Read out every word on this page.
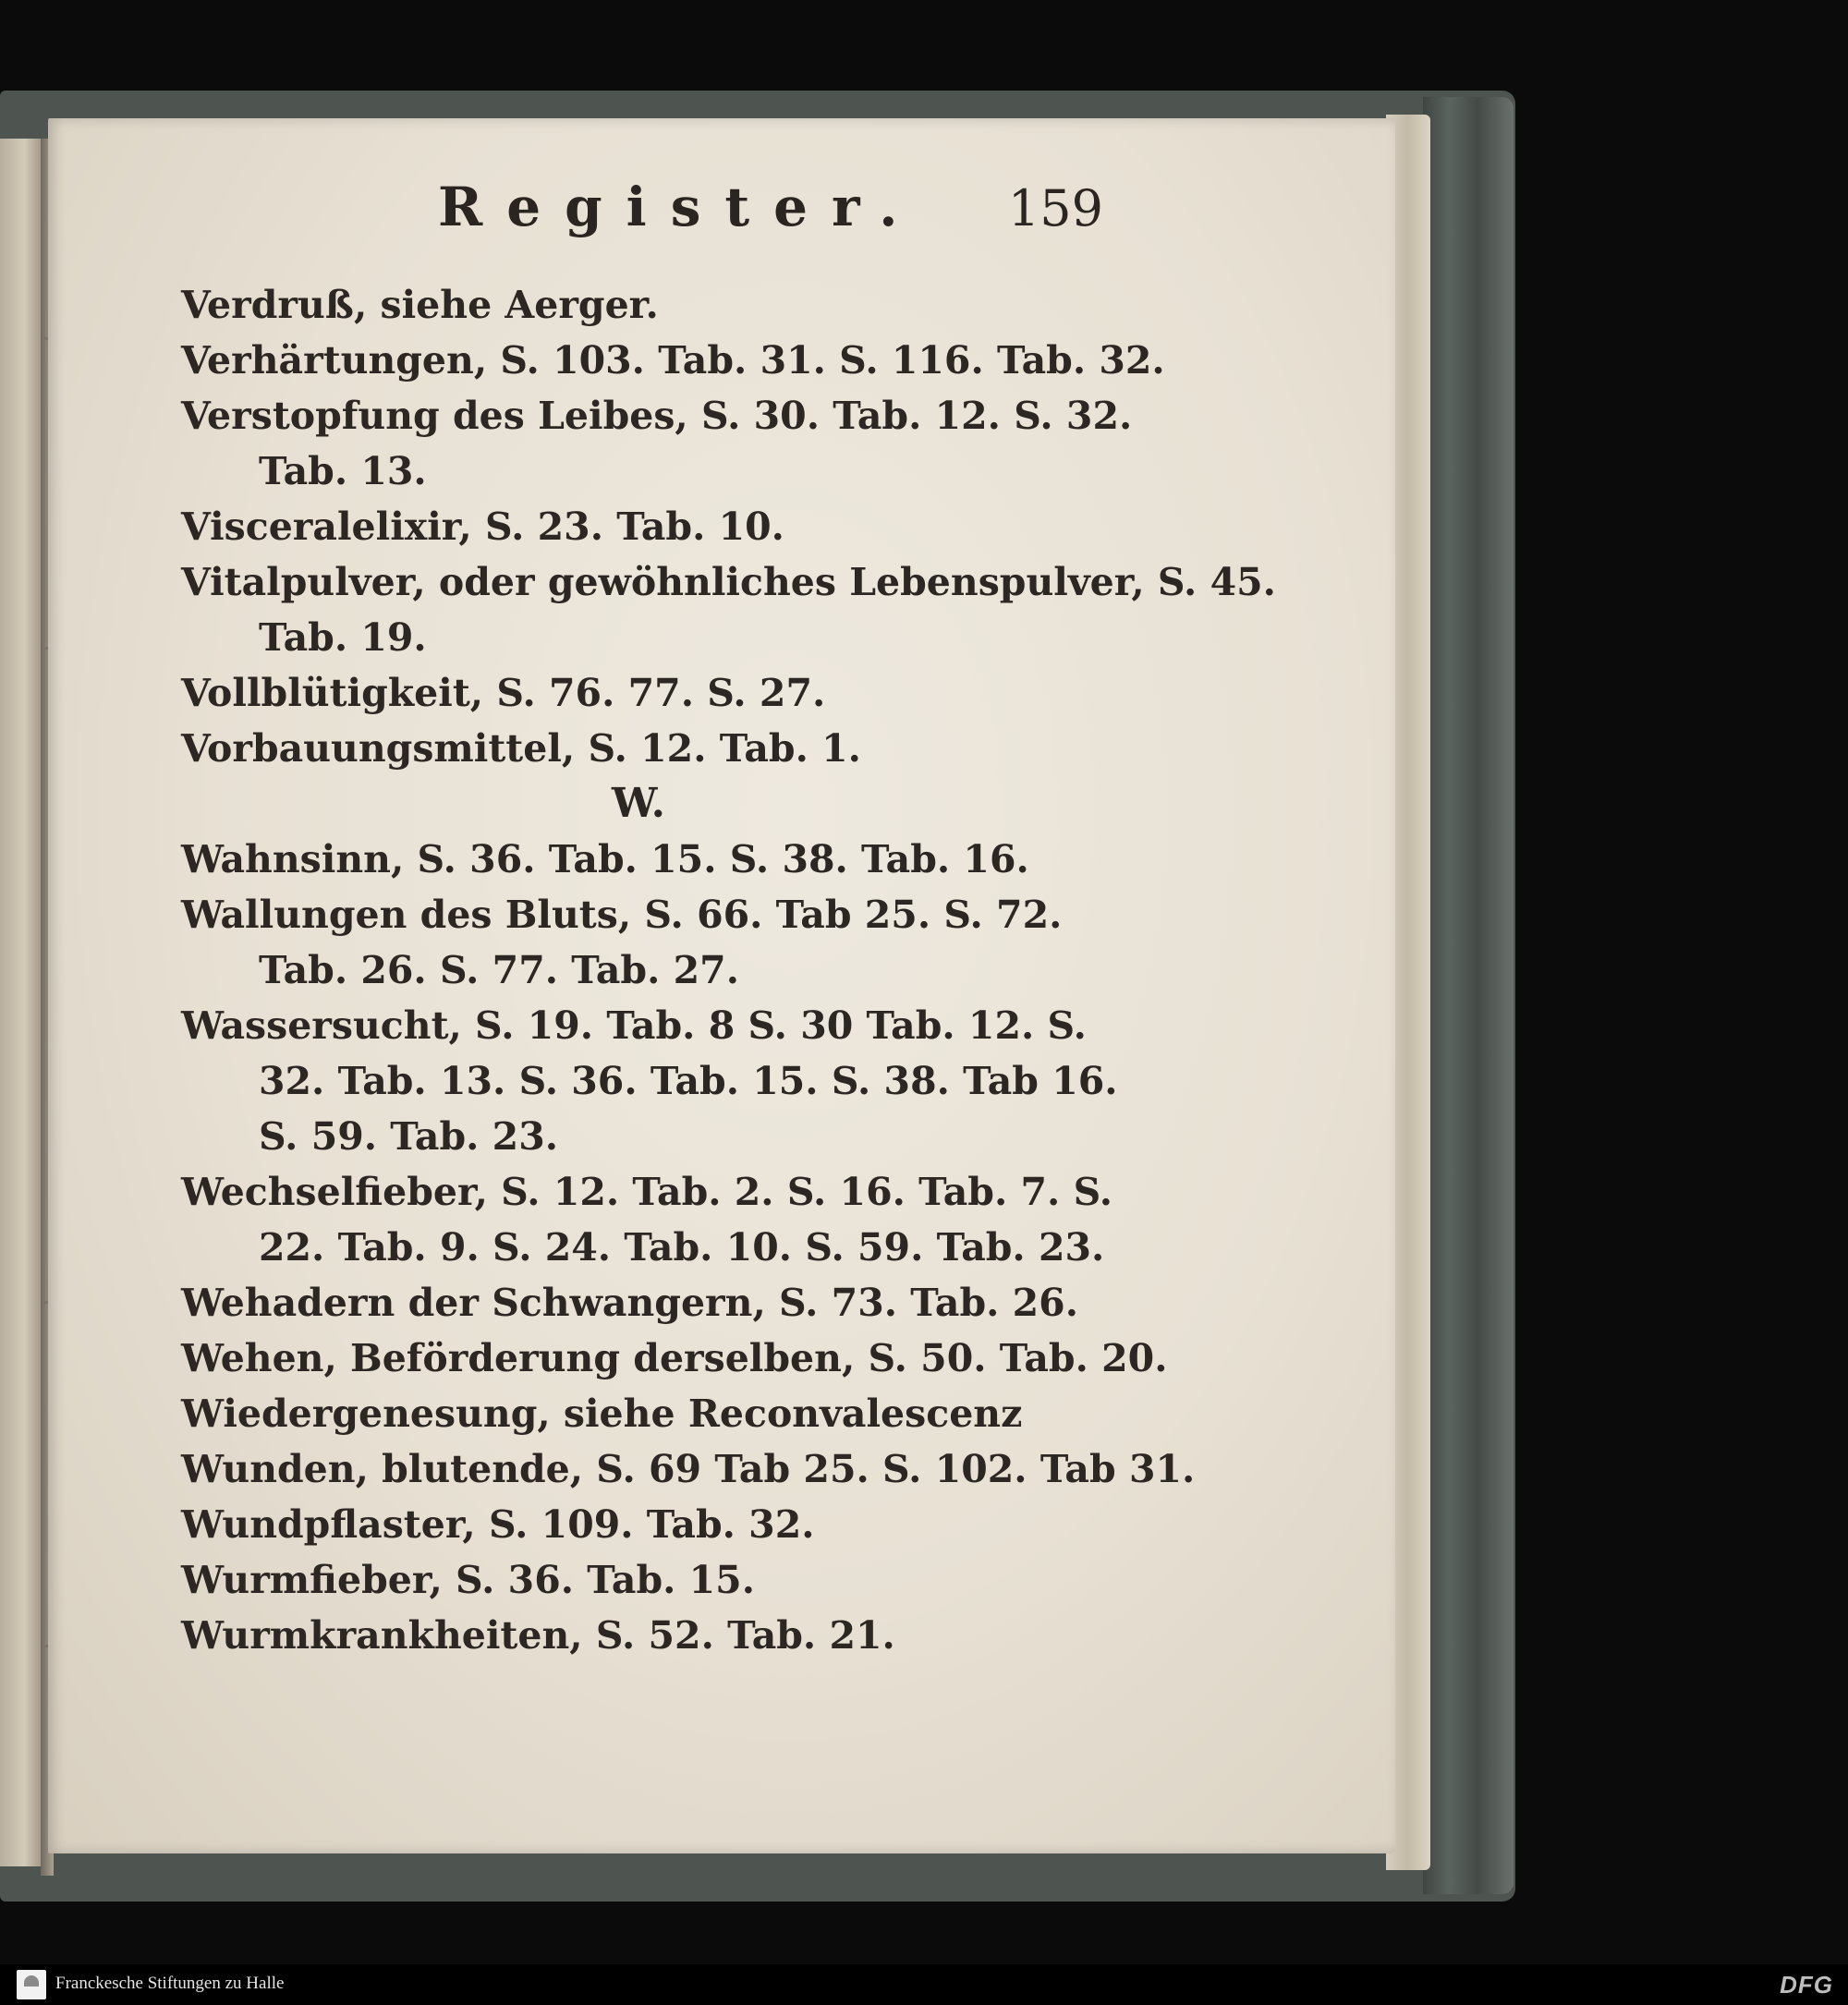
Register. 159
Verdruß, siehe Aerger.
Verhärtungen, S. 103. Tab. 31. S. 116. Tab. 32.
Verstopfung des Leibes, S. 30. Tab. 12. S. 32.
Tab. 13.
Visceralelixir, S. 23. Tab. 10.
Vitalpulver, oder gewöhnliches Lebenspulver, S. 45.
Tab. 19.
Vollblütigkeit, S. 76. 77. S. 27.
Vorbauungsmittel, S. 12. Tab. 1.
W.
Wahnsinn, S. 36. Tab. 15. S. 38. Tab. 16.
Wallungen des Bluts, S. 66. Tab 25. S. 72.
Tab. 26. S. 77. Tab. 27.
Wassersucht, S. 19. Tab. 8 S. 30 Tab. 12. S.
32. Tab. 13. S. 36. Tab. 15. S. 38. Tab 16.
S. 59. Tab. 23.
Wechselfieber, S. 12. Tab. 2. S. 16. Tab. 7. S.
22. Tab. 9. S. 24. Tab. 10. S. 59. Tab. 23.
Wehadern der Schwangern, S. 73. Tab. 26.
Wehen, Beförderung derselben, S. 50. Tab. 20.
Wiedergenesung, siehe Reconvalescenz
Wunden, blutende, S. 69 Tab 25. S. 102. Tab 31.
Wundpflaster, S. 109. Tab. 32.
Wurmfieber, S. 36. Tab. 15.
Wurmkrankheiten, S. 52. Tab. 21.
Franckesche Stiftungen zu Halle	DFG
